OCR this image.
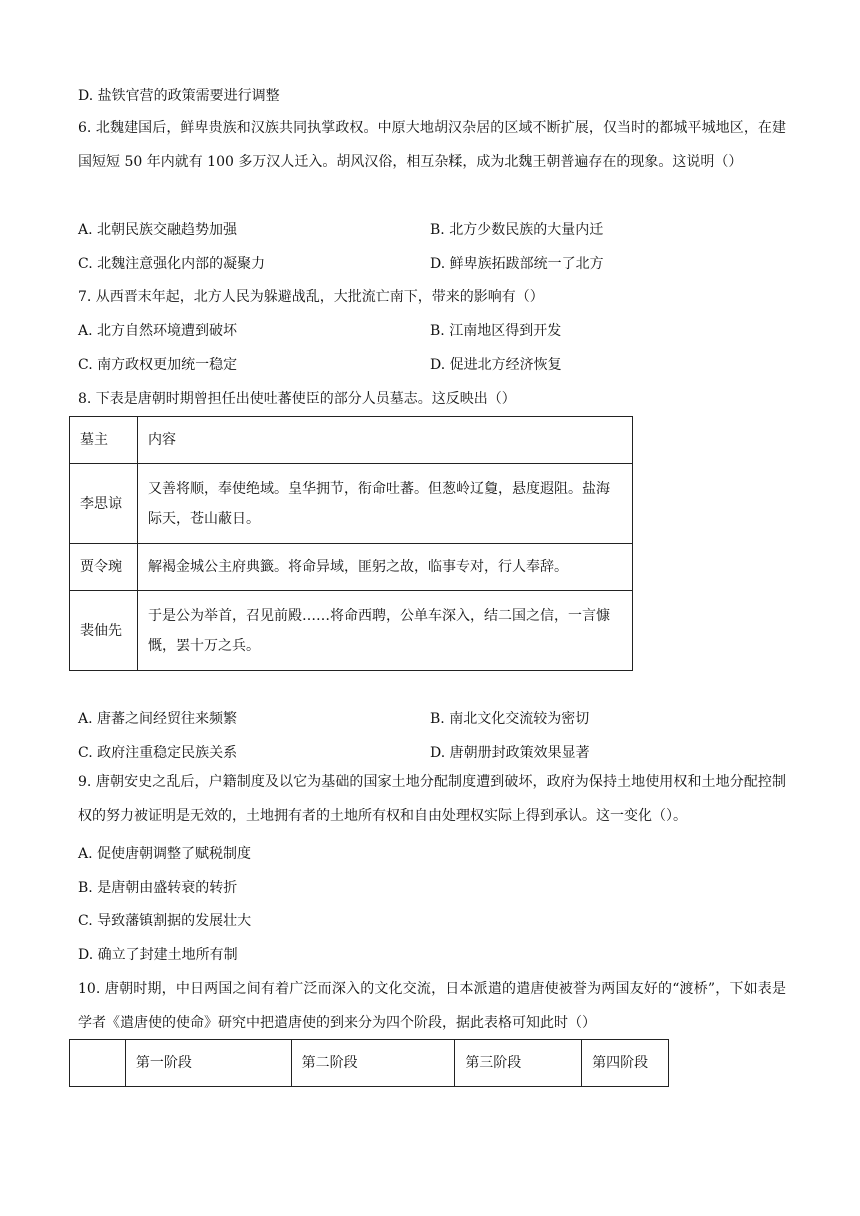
D. 盐铁官营的政策需要进行调整
6. 北魏建国后，鲜卑贵族和汉族共同执掌政权。中原大地胡汉杂居的区域不断扩展，仅当时的都城平城地区，在建国短短 50 年内就有 100 多万汉人迁入。胡风汉俗，相互杂糅，成为北魏王朝普遍存在的现象。这说明（）
A. 北朝民族交融趋势加强	B. 北方少数民族的大量内迁
C. 北魏注意强化内部的凝聚力	D. 鲜卑族拓跋部统一了北方
7. 从西晋末年起，北方人民为躲避战乱，大批流亡南下，带来的影响有（）
A. 北方自然环境遭到破坏	B. 江南地区得到开发
C. 南方政权更加统一稳定	D. 促进北方经济恢复
8. 下表是唐朝时期曾担任出使吐蕃使臣的部分人员墓志。这反映出（）
墓主	内容
李思谅	又善将顺，奉使绝域。皇华拥节，衔命吐蕃。但葱岭辽敻，悬度遐阻。盐海际天，苍山蔽日。
贾令琬	解褐金城公主府典籤。将命异域，匪躬之故，临事专对，行人奉辞。
裴伷先	于是公为举首，召见前殿……将命西聘，公单车深入，结二国之信，一言慷慨，罢十万之兵。
A. 唐蕃之间经贸往来频繁	B. 南北文化交流较为密切
C. 政府注重稳定民族关系	D. 唐朝册封政策效果显著
9. 唐朝安史之乱后，户籍制度及以它为基础的国家土地分配制度遭到破坏，政府为保持土地使用权和土地分配控制权的努力被证明是无效的，土地拥有者的土地所有权和自由处理权实际上得到承认。这一变化（）。
A. 促使唐朝调整了赋税制度
B. 是唐朝由盛转衰的转折
C. 导致藩镇割据的发展壮大
D. 确立了封建土地所有制
10. 唐朝时期，中日两国之间有着广泛而深入的文化交流，日本派遣的遣唐使被誉为两国友好的“渡桥”，下如表是学者《遣唐使的使命》研究中把遣唐使的到来分为四个阶段，据此表格可知此时（）
	第一阶段	第二阶段	第三阶段	第四阶段
